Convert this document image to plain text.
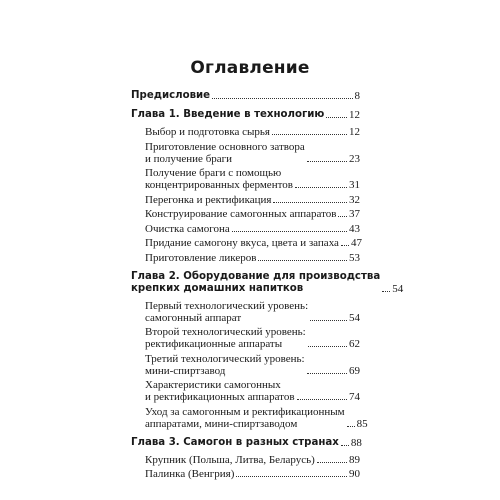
Оглавление
Предисловие	8
Глава 1. Введение в технологию 12
Выбор и подготовка сырья	12
Приготовление основного затвора
и получение браги	23
Получение браги с помощью
концентрированных ферментов	31
Перегонка и ректификация	32
Конструирование самогонных аппаратов 37
Очистка самогона	43
Придание самогону вкуса, цвета и запаха 47
Приготовление ликеров	53
Глава 2. Оборудование для производства
крепких домашних напитков	54
Первый технологический уровень:
самогонный аппарат	54
Второй технологический уровень:
ректификационные аппараты	62
Третий технологический уровень:
мини-спиртзавод	69
Характеристики самогонных
и ректификационных аппаратов	74
Уход за самогонным и ректификационным
аппаратами, мини-спиртзаводом	85
Глава 3. Самогон в разных странах 88
Крупник (Польша, Литва, Беларусь)	89
Палинка (Венгрия)	90
